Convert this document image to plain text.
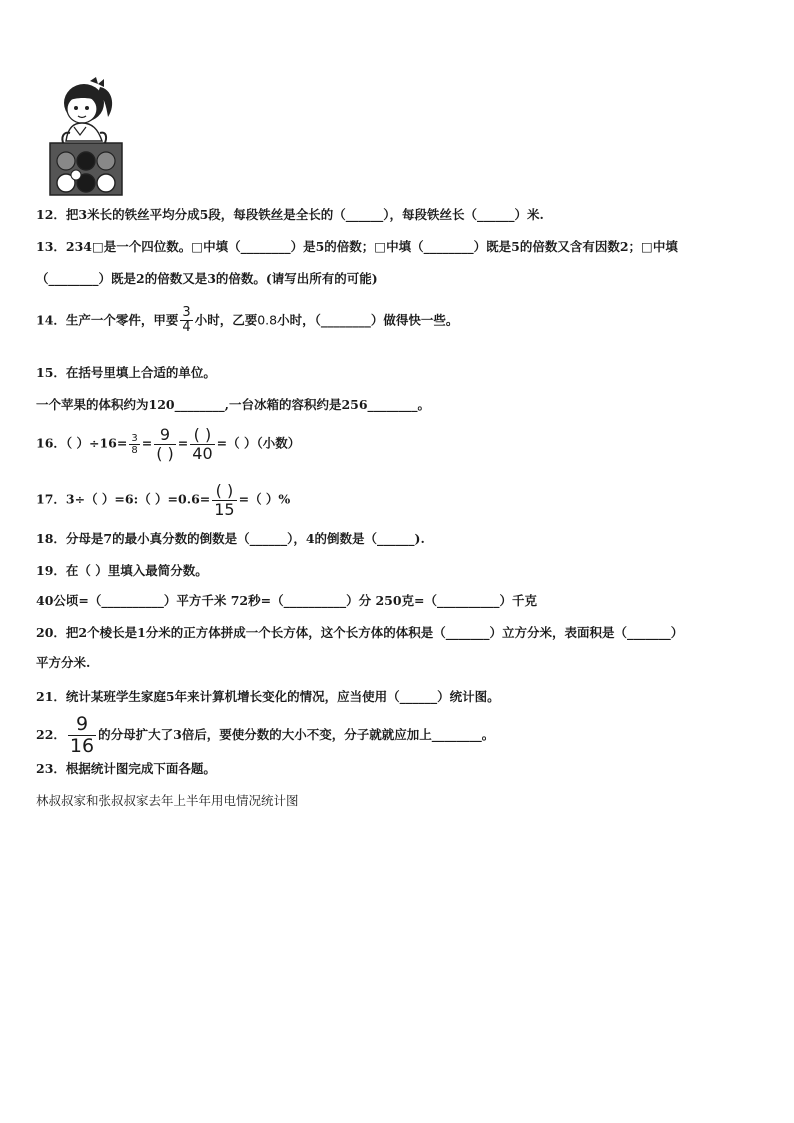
12．把3米长的铁丝平均分成5段，每段铁丝是全长的（______），每段铁丝长（______）米.
13．234□是一个四位数。□中填（________）是5的倍数；□中填（________）既是5的倍数又含有因数2；□中填
（________）既是2的倍数又是3的倍数。(请写出所有的可能)
14．生产一个零件，甲要 $\frac{3}{4}$ 小时，乙要0.8小时，（________）做得快一些。
15．在括号里填上合适的单位。
一个苹果的体积约为120________,一台冰箱的容积约是256________。
16．（ ）$\div 16= \frac{3}{8} = \frac{9}{( )} = \frac{( )}{40}$ =（ ）（小数）
17．3÷（ ）=6:（ ）$=0.6= \frac{( )}{15}$ =（ ）%
18．分母是7的最小真分数的倒数是（______），4的倒数是（______).
19．在（ ）里填入最简分数。
40公顷=（__________）平方千米 72秒=（__________）分 250克=（__________）千克
20．把2个棱长是1分米的正方体拼成一个长方体，这个长方体的体积是（_______）立方分米，表面积是（_______）
平方分米.
21．统计某班学生家庭5年来计算机增长变化的情况，应当使用（______）统计图。
22． $\frac{9}{16}$ 的分母扩大了3倍后，要使分数的大小不变，分子就就应加上________。
23．根据统计图完成下面各题。
林叔叔家和张叔叔家去年上半年用电情况统计图
